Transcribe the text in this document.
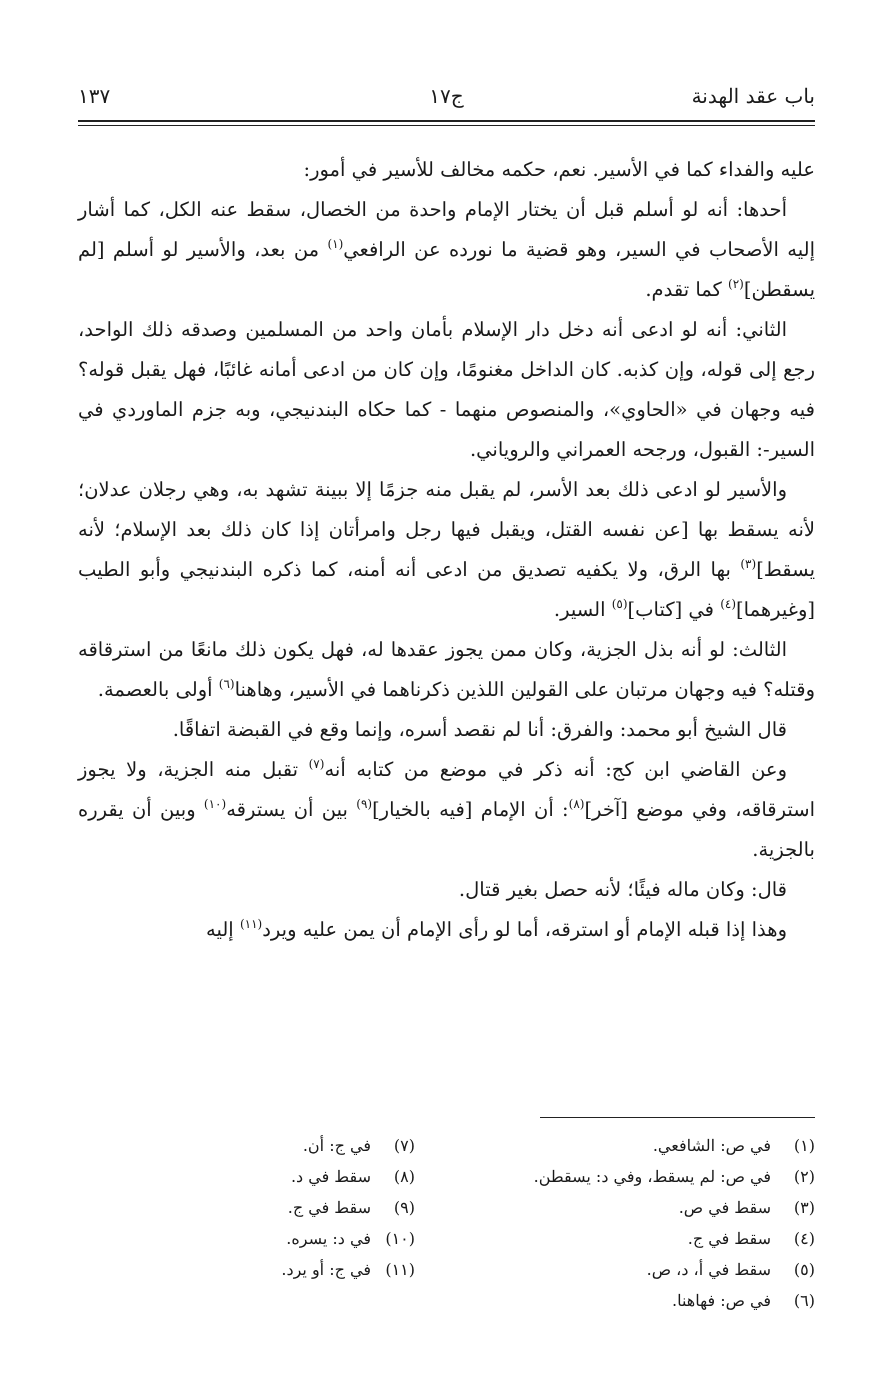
باب عقد الهدنة
ج١٧
١٣٧

عليه والفداء كما في الأسير. نعم، حكمه مخالف للأسير في أمور:

أحدها: أنه لو أسلم قبل أن يختار الإمام واحدة من الخصال، سقط عنه الكل، كما أشار إليه الأصحاب في السير، وهو قضية ما نورده عن الرافعي$^{(١)}$ من بعد، والأسير لو أسلم [لم يسقطن]$^{(٢)}$ كما تقدم.

الثاني: أنه لو ادعى أنه دخل دار الإسلام بأمان واحد من المسلمين وصدقه ذلك الواحد، رجع إلى قوله، وإن كذبه. كان الداخل مغنومًا، وإن كان من ادعى أمانه غائبًا، فهل يقبل قوله؟ فيه وجهان في «الحاوي»، والمنصوص منهما - كما حكاه البندنيجي، وبه جزم الماوردي في السير-: القبول، ورجحه العمراني والروياني.

والأسير لو ادعى ذلك بعد الأسر، لم يقبل منه جزمًا إلا ببينة تشهد به، وهي رجلان عدلان؛ لأنه يسقط بها [عن نفسه القتل، ويقبل فيها رجل وامرأتان إذا كان ذلك بعد الإسلام؛ لأنه يسقط]$^{(٣)}$ بها الرق، ولا يكفيه تصديق من ادعى أنه أمنه، كما ذكره البندنيجي وأبو الطيب [وغيرهما]$^{(٤)}$ في [كتاب]$^{(٥)}$ السير.

الثالث: لو أنه بذل الجزية، وكان ممن يجوز عقدها له، فهل يكون ذلك مانعًا من استرقاقه وقتله؟ فيه وجهان مرتبان على القولين اللذين ذكرناهما في الأسير، وهاهنا$^{(٦)}$ أولى بالعصمة.

قال الشيخ أبو محمد: والفرق: أنا لم نقصد أسره، وإنما وقع في القبضة اتفاقًا.

وعن القاضي ابن كج: أنه ذكر في موضع من كتابه أنه$^{(٧)}$ تقبل منه الجزية، ولا يجوز استرقاقه، وفي موضع [آخر]$^{(٨)}$: أن الإمام [فيه بالخيار]$^{(٩)}$ بين أن يسترقه$^{(١٠)}$ وبين أن يقرره بالجزية.

قال: وكان ماله فيئًا؛ لأنه حصل بغير قتال.

وهذا إذا قبله الإمام أو استرقه، أما لو رأى الإمام أن يمن عليه ويرد$^{(١١)}$ إليه

(١)في ص: الشافعي.
(٢)في ص: لم يسقط، وفي د: يسقطن.
(٣)سقط في ص.
(٤)سقط في ج.
(٥)سقط في أ، د، ص.
(٦)في ص: فهاهنا.
(٧)في ج: أن.
(٨)سقط في د.
(٩)سقط في ج.
(١٠)في د: يسره.
(١١)في ج: أو يرد.
